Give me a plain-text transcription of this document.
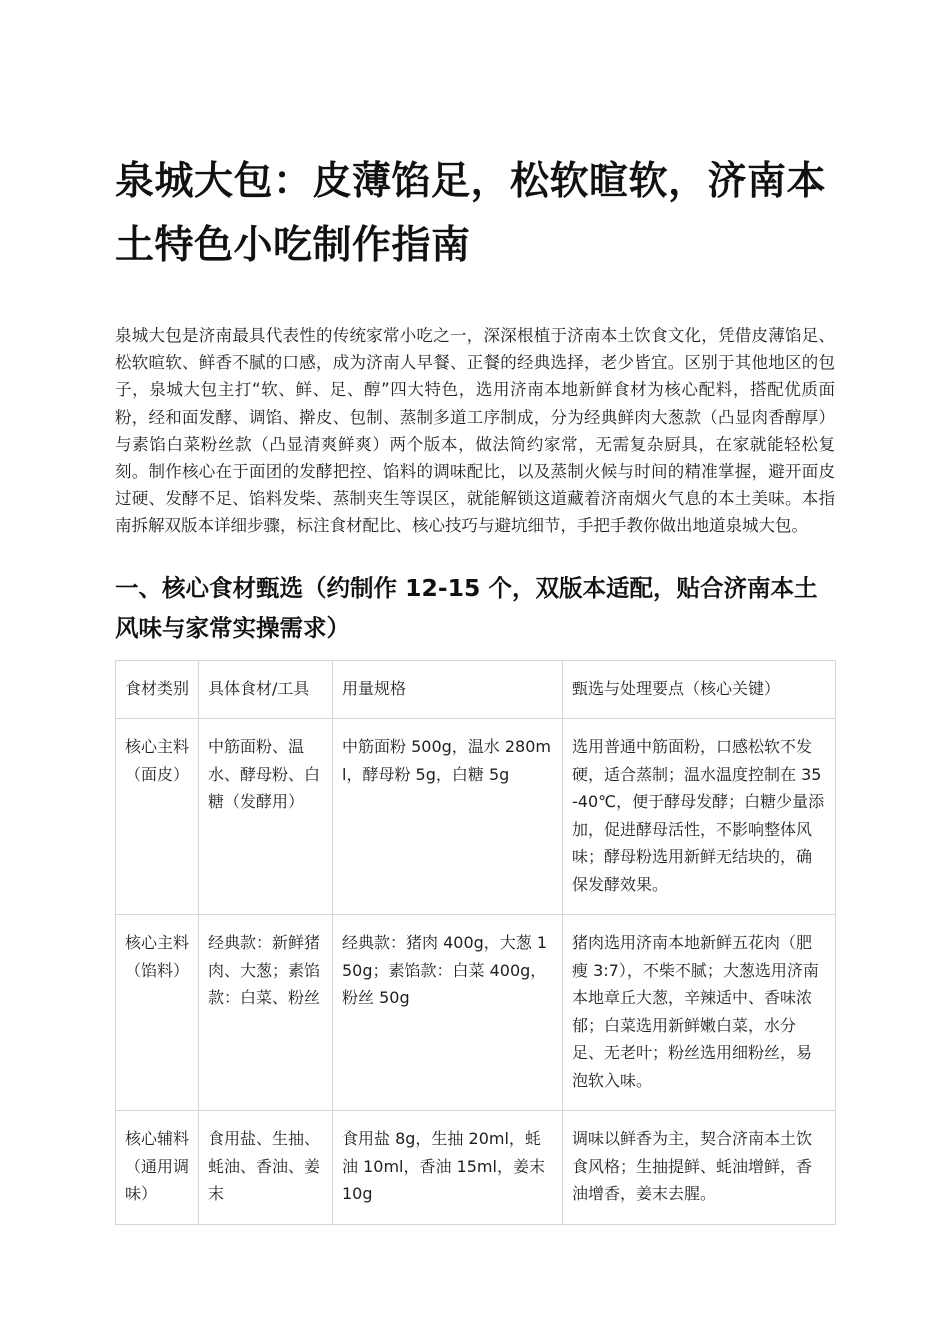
泉城大包：皮薄馅足，松软暄软，济南本土特色小吃制作指南

泉城大包是济南最具代表性的传统家常小吃之一，深深根植于济南本土饮食文化，凭借皮薄馅足、松软暄软、鲜香不腻的口感，成为济南人早餐、正餐的经典选择，老少皆宜。区别于其他地区的包子，泉城大包主打“软、鲜、足、醇”四大特色，选用济南本地新鲜食材为核心配料，搭配优质面粉，经和面发酵、调馅、擀皮、包制、蒸制多道工序制成，分为经典鲜肉大葱款（凸显肉香醇厚）与素馅白菜粉丝款（凸显清爽鲜爽）两个版本，做法简约家常，无需复杂厨具，在家就能轻松复刻。制作核心在于面团的发酵把控、馅料的调味配比，以及蒸制火候与时间的精准掌握，避开面皮过硬、发酵不足、馅料发柴、蒸制夹生等误区，就能解锁这道藏着济南烟火气息的本土美味。本指南拆解双版本详细步骤，标注食材配比、核心技巧与避坑细节，手把手教你做出地道泉城大包。

一、核心食材甄选（约制作 12-15 个，双版本适配，贴合济南本土风味与家常实操需求）
食材类别	具体食材/工具	用量规格	甄选与处理要点（核心关键）
核心主料（面皮）	中筋面粉、温水、酵母粉、白糖（发酵用）	中筋面粉 500g，温水 280ml，酵母粉 5g，白糖 5g	选用普通中筋面粉，口感松软不发硬，适合蒸制；温水温度控制在 35-40℃，便于酵母发酵；白糖少量添加，促进酵母活性，不影响整体风味；酵母粉选用新鲜无结块的，确保发酵效果。
核心主料（馅料）	经典款：新鲜猪肉、大葱；素馅款：白菜、粉丝	经典款：猪肉 400g，大葱 150g；素馅款：白菜 400g，粉丝 50g	猪肉选用济南本地新鲜五花肉（肥瘦 3:7），不柴不腻；大葱选用济南本地章丘大葱，辛辣适中、香味浓郁；白菜选用新鲜嫩白菜，水分足、无老叶；粉丝选用细粉丝，易泡软入味。
核心辅料（通用调味）	食用盐、生抽、蚝油、香油、姜末	食用盐 8g，生抽 20ml，蚝油 10ml，香油 15ml，姜末 10g	调味以鲜香为主，契合济南本土饮食风格；生抽提鲜、蚝油增鲜，香油增香，姜末去腥。
